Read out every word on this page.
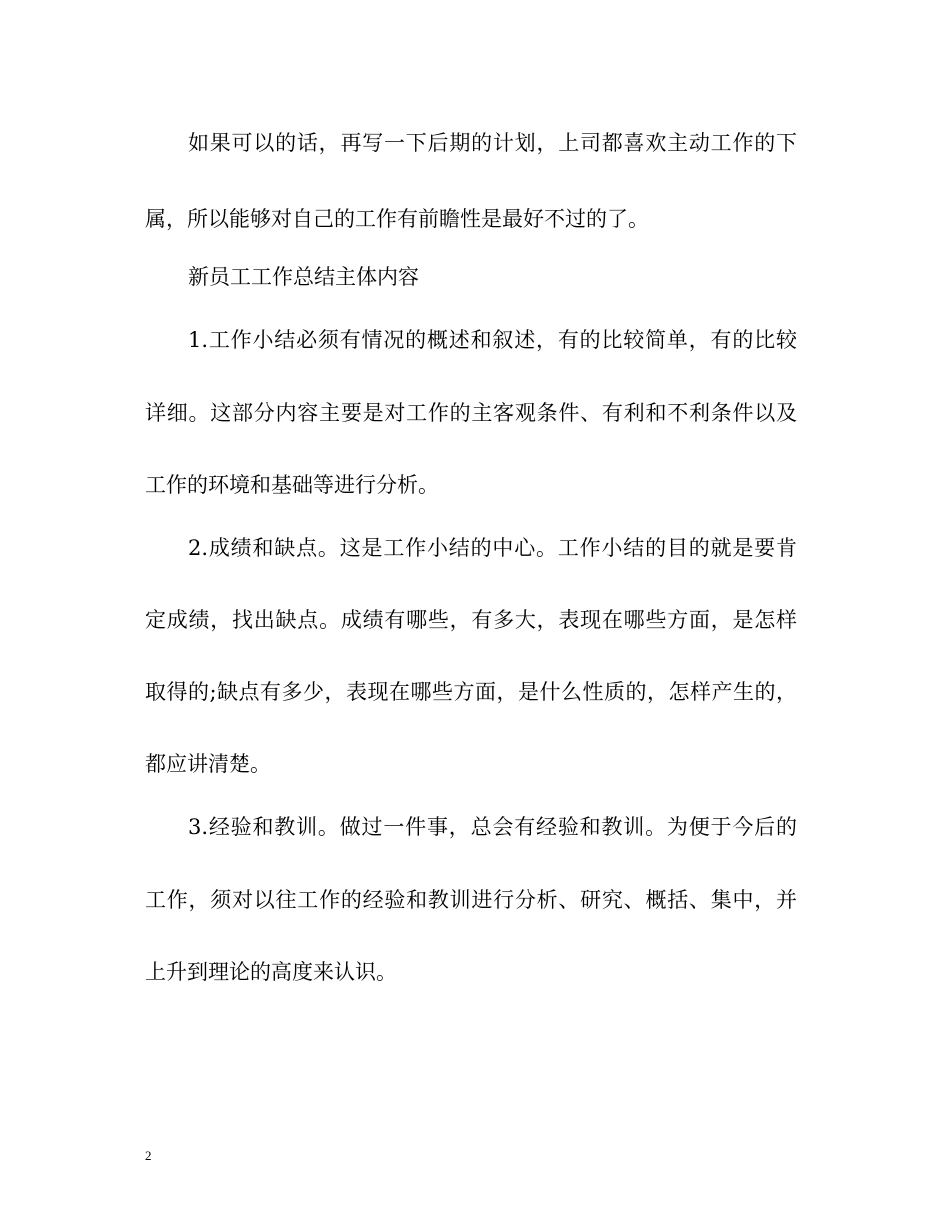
如果可以的话，再写一下后期的计划，上司都喜欢主动工作的下
属，所以能够对自己的工作有前瞻性是最好不过的了。
新员工工作总结主体内容
1.工作小结必须有情况的概述和叙述，有的比较简单，有的比较
详细。这部分内容主要是对工作的主客观条件、有利和不利条件以及
工作的环境和基础等进行分析。
2.成绩和缺点。这是工作小结的中心。工作小结的目的就是要肯
定成绩，找出缺点。成绩有哪些，有多大，表现在哪些方面，是怎样
取得的;缺点有多少，表现在哪些方面，是什么性质的，怎样产生的，
都应讲清楚。
3.经验和教训。做过一件事，总会有经验和教训。为便于今后的
工作，须对以往工作的经验和教训进行分析、研究、概括、集中，并
上升到理论的高度来认识。
2
